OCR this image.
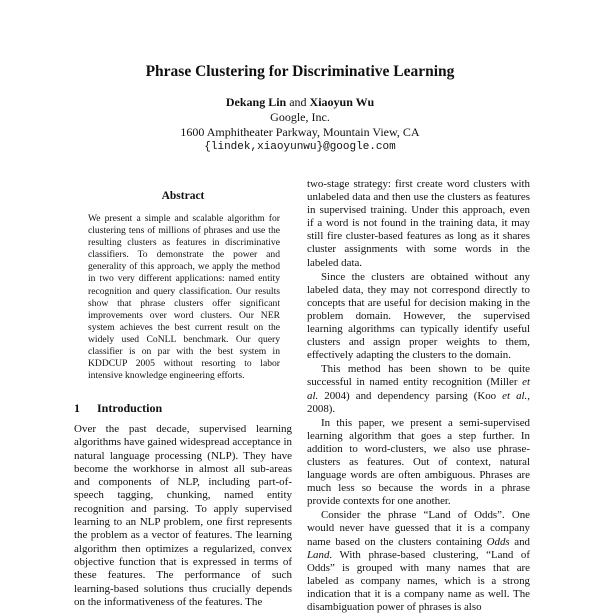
Phrase Clustering for Discriminative Learning
Dekang Lin and Xiaoyun Wu
Google, Inc.
1600 Amphitheater Parkway, Mountain View, CA
{lindek,xiaoyunwu}@google.com
Abstract
We present a simple and scalable algorithm for clustering tens of millions of phrases and use the resulting clusters as features in discriminative classifiers. To demonstrate the power and generality of this approach, we apply the method in two very different applications: named entity recognition and query classification. Our results show that phrase clusters offer significant improvements over word clusters. Our NER system achieves the best current result on the widely used CoNLL benchmark. Our query classifier is on par with the best system in KDDCUP 2005 without resorting to labor intensive knowledge engineering efforts.
1 Introduction

Over the past decade, supervised learning algorithms have gained widespread acceptance in natural language processing (NLP). They have become the workhorse in almost all sub-areas and components of NLP, including part-of-speech tagging, chunking, named entity recognition and parsing. To apply supervised learning to an NLP problem, one first represents the problem as a vector of features. The learning algorithm then optimizes a regularized, convex objective function that is expressed in terms of these features. The performance of such learning-based solutions thus crucially depends on the informativeness of the features. The

two-stage strategy: first create word clusters with unlabeled data and then use the clusters as features in supervised training. Under this approach, even if a word is not found in the training data, it may still fire cluster-based features as long as it shares cluster assignments with some words in the labeled data.

Since the clusters are obtained without any labeled data, they may not correspond directly to concepts that are useful for decision making in the problem domain. However, the supervised learning algorithms can typically identify useful clusters and assign proper weights to them, effectively adapting the clusters to the domain.

This method has been shown to be quite successful in named entity recognition (Miller et al. 2004) and dependency parsing (Koo et al., 2008).

In this paper, we present a semi-supervised learning algorithm that goes a step further. In addition to word-clusters, we also use phrase-clusters as features. Out of context, natural language words are often ambiguous. Phrases are much less so because the words in a phrase provide contexts for one another.

Consider the phrase “Land of Odds”. One would never have guessed that it is a company name based on the clusters containing Odds and Land. With phrase-based clustering, “Land of Odds” is grouped with many names that are labeled as company names, which is a strong indication that it is a company name as well. The disambiguation power of phrases is also
